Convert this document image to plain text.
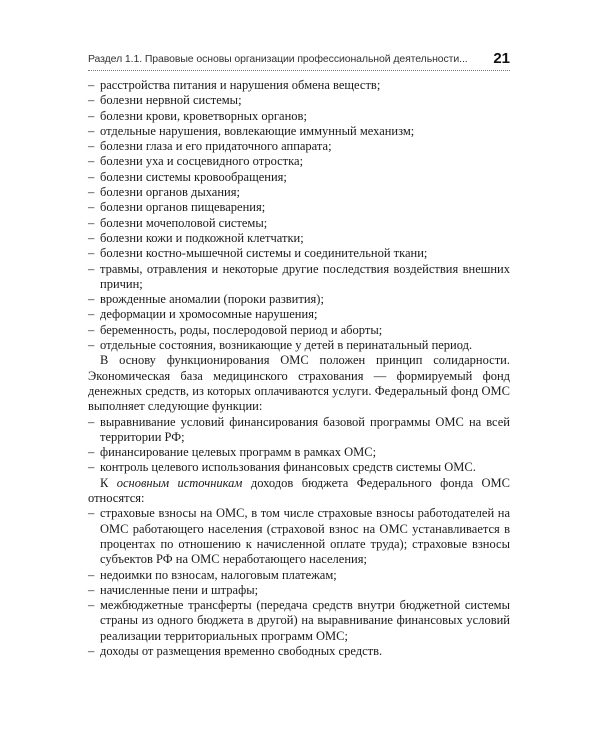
Раздел 1.1. Правовые основы организации профессиональной деятельности... 21
– расстройства питания и нарушения обмена веществ;
– болезни нервной системы;
– болезни крови, кроветворных органов;
– отдельные нарушения, вовлекающие иммунный механизм;
– болезни глаза и его придаточного аппарата;
– болезни уха и сосцевидного отростка;
– болезни системы кровообращения;
– болезни органов дыхания;
– болезни органов пищеварения;
– болезни мочеполовой системы;
– болезни кожи и подкожной клетчатки;
– болезни костно-мышечной системы и соединительной ткани;
– травмы, отравления и некоторые другие последствия воздействия внешних причин;
– врожденные аномалии (пороки развития);
– деформации и хромосомные нарушения;
– беременность, роды, послеродовой период и аборты;
– отдельные состояния, возникающие у детей в перинатальный период.

В основу функционирования ОМС положен принцип солидарности. Экономическая база медицинского страхования — формируемый фонд денежных средств, из которых оплачиваются услуги. Федеральный фонд ОМС выполняет следующие функции:

– выравнивание условий финансирования базовой программы ОМС на всей территории РФ;
– финансирование целевых программ в рамках ОМС;
– контроль целевого использования финансовых средств системы ОМС.

К основным источникам доходов бюджета Федерального фонда ОМС относятся:

– страховые взносы на ОМС, в том числе страховые взносы работодателей на ОМС работающего населения (страховой взнос на ОМС устанавливается в процентах по отношению к начисленной оплате труда); страховые взносы субъектов РФ на ОМС неработающего населения;
– недоимки по взносам, налоговым платежам;
– начисленные пени и штрафы;
– межбюджетные трансферты (передача средств внутри бюджетной системы страны из одного бюджета в другой) на выравнивание финансовых условий реализации территориальных программ ОМС;
– доходы от размещения временно свободных средств.
